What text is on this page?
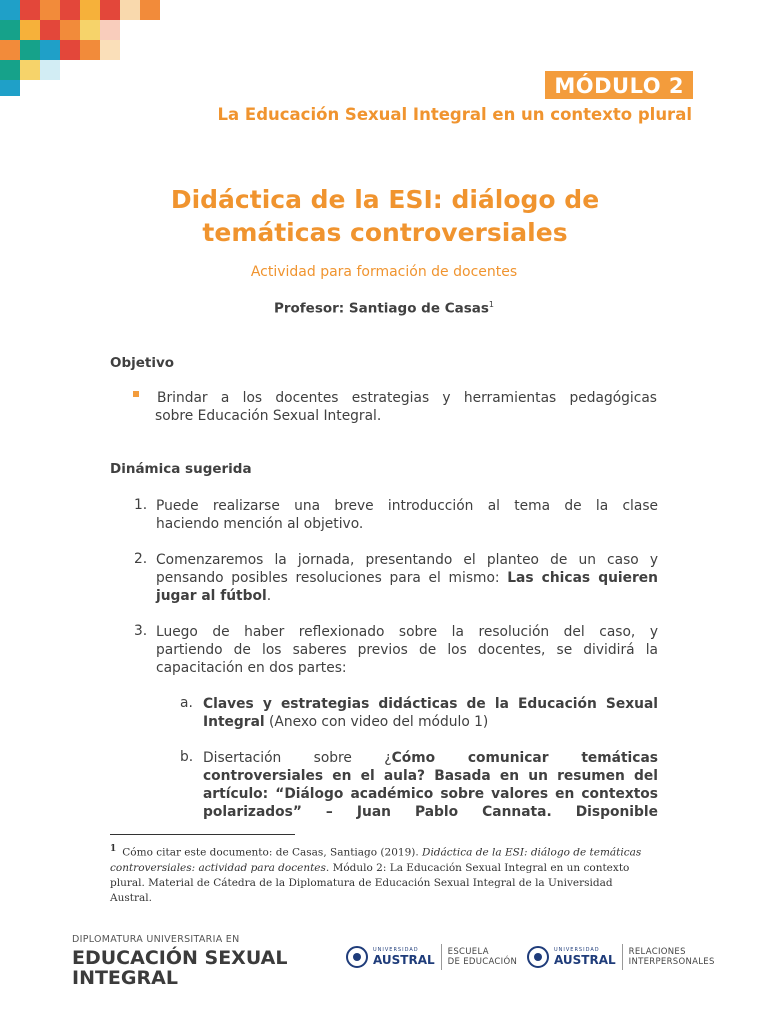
MÓDULO 2
La Educación Sexual Integral en un contexto plural
Didáctica de la ESI: diálogo de
temáticas controversiales
Actividad para formación de docentes
Profesor: Santiago de Casas$^1$
Objetivo
Brindar a los docentes estrategias y herramientas pedagógicas
sobre Educación Sexual Integral.
Dinámica sugerida
1. Puede realizarse una breve introducción al tema de la clase
haciendo mención al objetivo.
2. Comenzaremos la jornada, presentando el planteo de un caso y
pensando posibles resoluciones para el mismo: Las chicas quieren
jugar al fútbol.
3. Luego de haber reflexionado sobre la resolución del caso, y
partiendo de los saberes previos de los docentes, se dividirá la
capacitación en dos partes:
a. Claves y estrategias didácticas de la Educación Sexual
Integral (Anexo con video del módulo 1)
b. Disertación sobre ¿Cómo comunicar temáticas
controversiales en el aula? Basada en un resumen del
artículo: “Diálogo académico sobre valores en contextos
polarizados” – Juan Pablo Cannata. Disponible
$^1$ Cómo citar este documento: de Casas, Santiago (2019). Didáctica de la ESI: diálogo de temáticas
controversiales: actividad para docentes. Módulo 2: La Educación Sexual Integral en un contexto
plural. Material de Cátedra de la Diplomatura de Educación Sexual Integral de la Universidad
Austral.
DIPLOMATURA UNIVERSITARIA EN
EDUCACIÓN SEXUAL
INTEGRAL
UNIVERSIDAD
AUSTRAL
ESCUELA
DE EDUCACIÓN
UNIVERSIDAD
AUSTRAL
RELACIONES
INTERPERSONALES
